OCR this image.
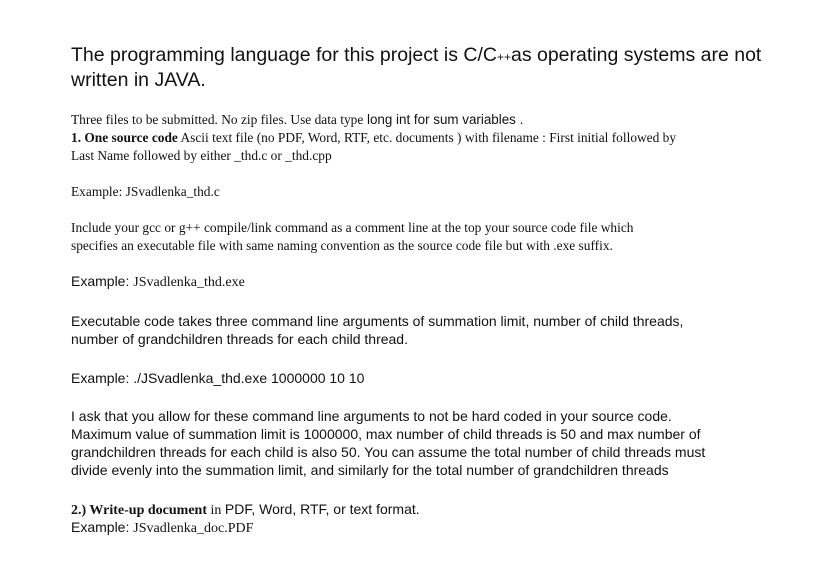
The programming language for this project is C/C++as operating systems are not
written in JAVA.
Three files to be submitted. No zip files. Use data type long int for sum variables .
1. One source code Ascii text file (no PDF, Word, RTF, etc. documents ) with filename : First initial followed by
Last Name followed by either _thd.c or _thd.cpp
Example: JSvadlenka_thd.c
Include your gcc or g++ compile/link command as a comment line at the top your source code file which
specifies an executable file with same naming convention as the source code file but with .exe suffix.
Example: JSvadlenka_thd.exe
Executable code takes three command line arguments of summation limit, number of child threads,
number of grandchildren threads for each child thread.
Example: ./JSvadlenka_thd.exe 1000000 10 10
I ask that you allow for these command line arguments to not be hard coded in your source code.
Maximum value of summation limit is 1000000, max number of child threads is 50 and max number of
grandchildren threads for each child is also 50. You can assume the total number of child threads must
divide evenly into the summation limit, and similarly for the total number of grandchildren threads
2.) Write-up document in PDF, Word, RTF, or text format.
Example: JSvadlenka_doc.PDF
